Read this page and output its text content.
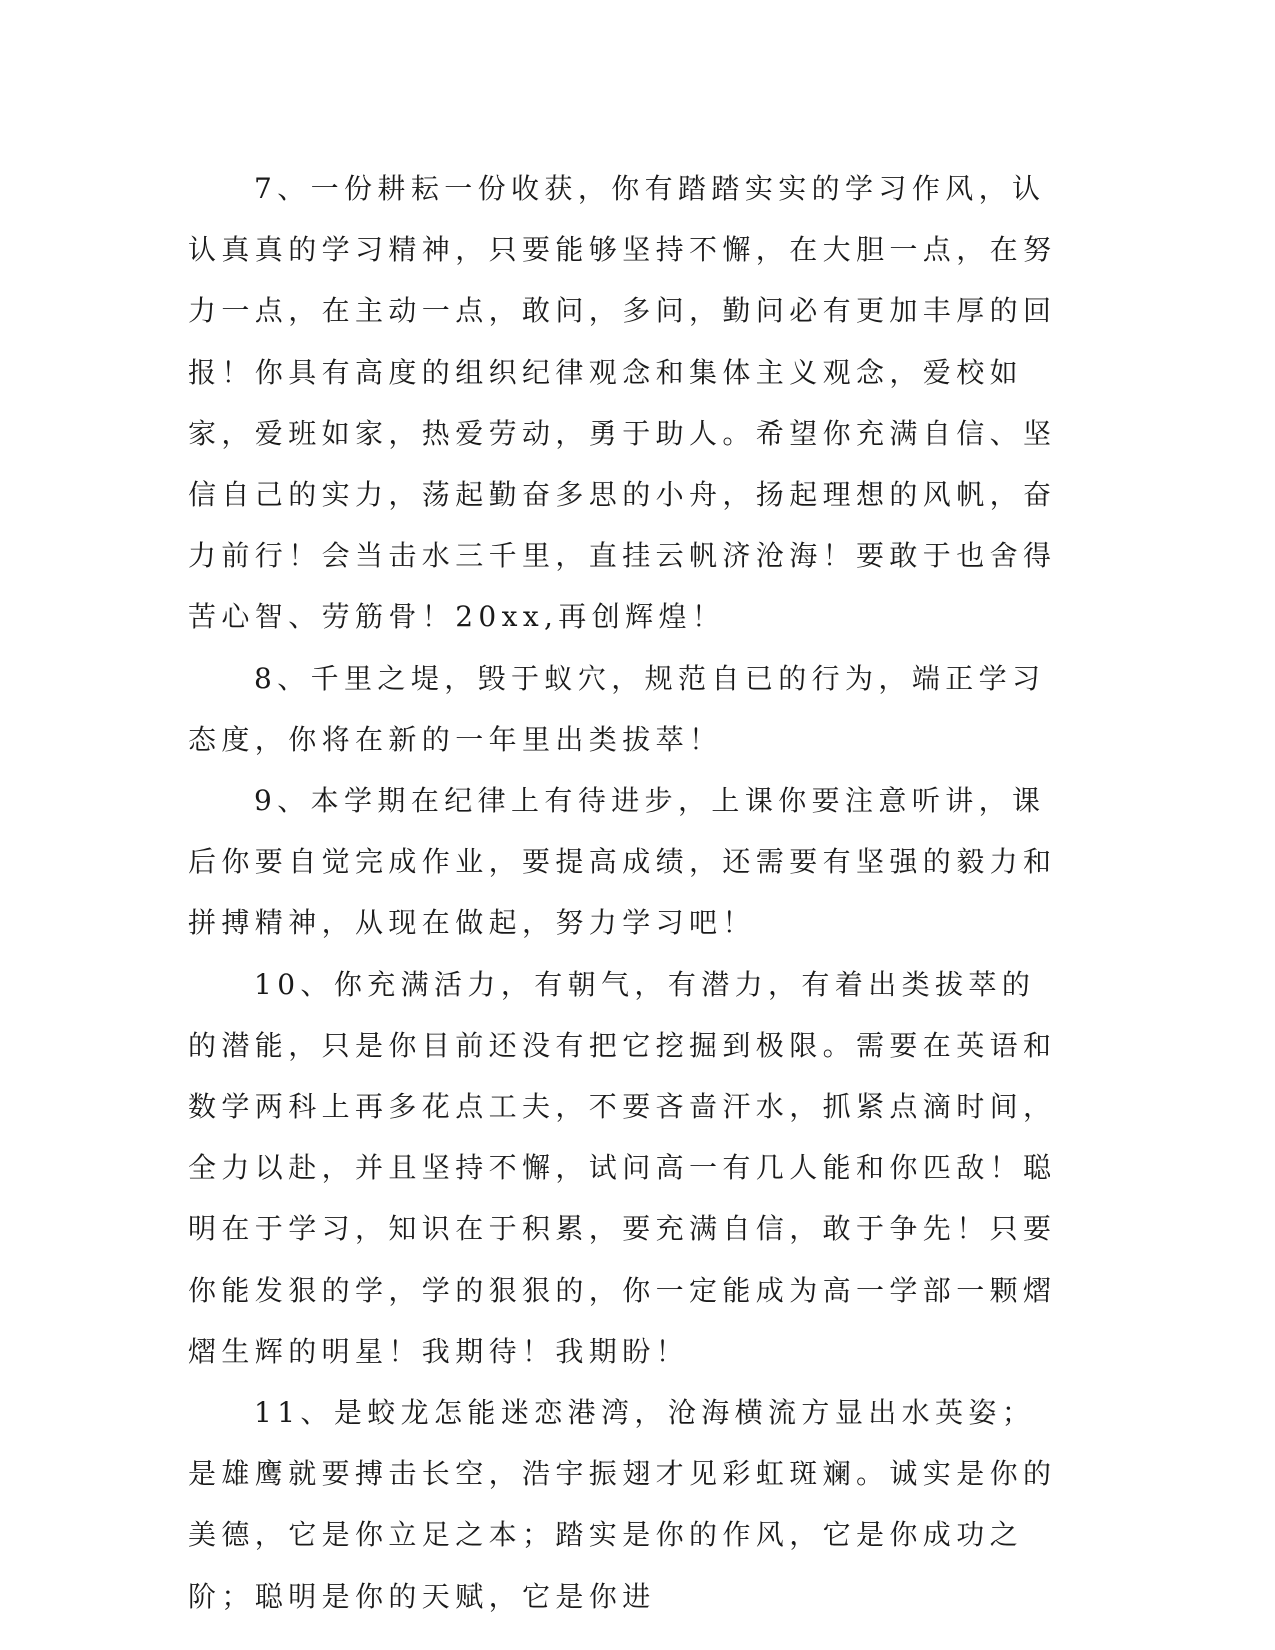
7、一份耕耘一份收获，你有踏踏实实的学习作风，认认真真的学习精神，只要能够坚持不懈，在大胆一点，在努力一点，在主动一点，敢问，多问，勤问必有更加丰厚的回报！你具有高度的组织纪律观念和集体主义观念，爱校如家，爱班如家，热爱劳动，勇于助人。希望你充满自信、坚信自己的实力，荡起勤奋多思的小舟，扬起理想的风帆，奋力前行！会当击水三千里，直挂云帆济沧海！要敢于也舍得苦心智、劳筋骨！20xx,再创辉煌！

8、千里之堤，毁于蚁穴，规范自已的行为，端正学习态度，你将在新的一年里出类拔萃！

9、本学期在纪律上有待进步，上课你要注意听讲，课后你要自觉完成作业，要提高成绩，还需要有坚强的毅力和拼搏精神，从现在做起，努力学习吧！

10、你充满活力，有朝气，有潜力，有着出类拔萃的的潜能，只是你目前还没有把它挖掘到极限。需要在英语和数学两科上再多花点工夫，不要吝啬汗水，抓紧点滴时间，全力以赴，并且坚持不懈，试问高一有几人能和你匹敌！聪明在于学习，知识在于积累，要充满自信，敢于争先！只要你能发狠的学，学的狠狠的，你一定能成为高一学部一颗熠熠生辉的明星！我期待！我期盼！

11、是蛟龙怎能迷恋港湾，沧海横流方显出水英姿；是雄鹰就要搏击长空，浩宇振翅才见彩虹斑斓。诚实是你的美德，它是你立足之本；踏实是你的作风，它是你成功之阶；聪明是你的天赋，它是你进
